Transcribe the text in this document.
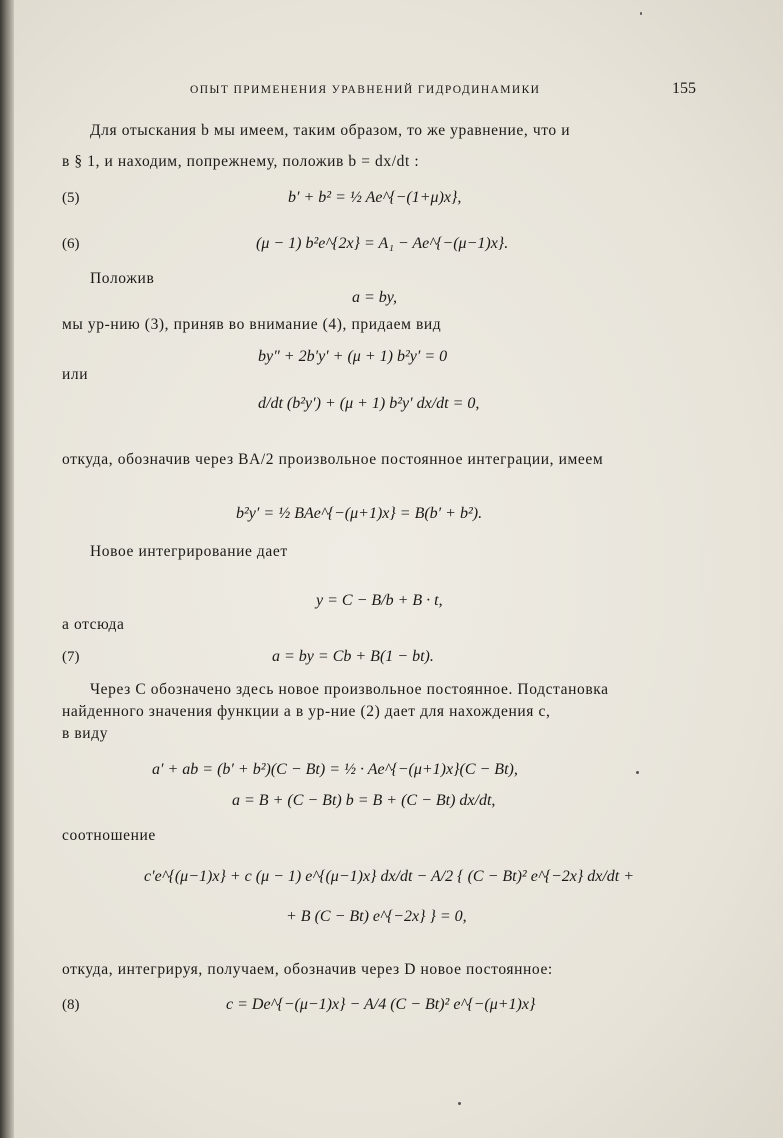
ОПЫТ ПРИМЕНЕНИЯ УРАВНЕНИЙ ГИДРОДИНАМИКИ	155
Для отыскания b мы имеем, таким образом, то же уравнение, что и
в § 1, и находим, попрежнему, положив b = dx/dt :
(5)	b′ + b² = ½ Ae^{−(1+μ)x},
(6)	(μ − 1) b²e^{2x} = A₁ − Ae^{−(μ−1)x}.
Положив
a = by,
мы ур-нию (3), приняв во внимание (4), придаем вид
by″ + 2b′y′ + (μ + 1) b²y′ = 0
или
d/dt (b²y′) + (μ + 1) b²y′ dx/dt = 0,
откуда, обозначив через BA/2 произвольное постоянное интеграции, имеем
b²y′ = ½ BAe^{−(μ+1)x} = B(b′ + b²).
Новое интегрирование дает
y = C − B/b + B · t,
а отсюда
(7)	a = by = Cb + B(1 − bt).
Через C обозначено здесь новое произвольное постоянное. Подстановка
найденного значения функции a в ур-ние (2) дает для нахождения c,
в виду
a′ + ab = (b′ + b²)(C − Bt) = ½ · Ae^{−(μ+1)x}(C − Bt),
a = B + (C − Bt) b = B + (C − Bt) dx/dt,
соотношение
c′e^{(μ−1)x} + c (μ − 1) e^{(μ−1)x} dx/dt − A/2 { (C − Bt)² e^{−2x} dx/dt +
+ B (C − Bt) e^{−2x} } = 0,
откуда, интегрируя, получаем, обозначив через D новое постоянное:
(8)	c = De^{−(μ−1)x} − A/4 (C − Bt)² e^{−(μ+1)x}
